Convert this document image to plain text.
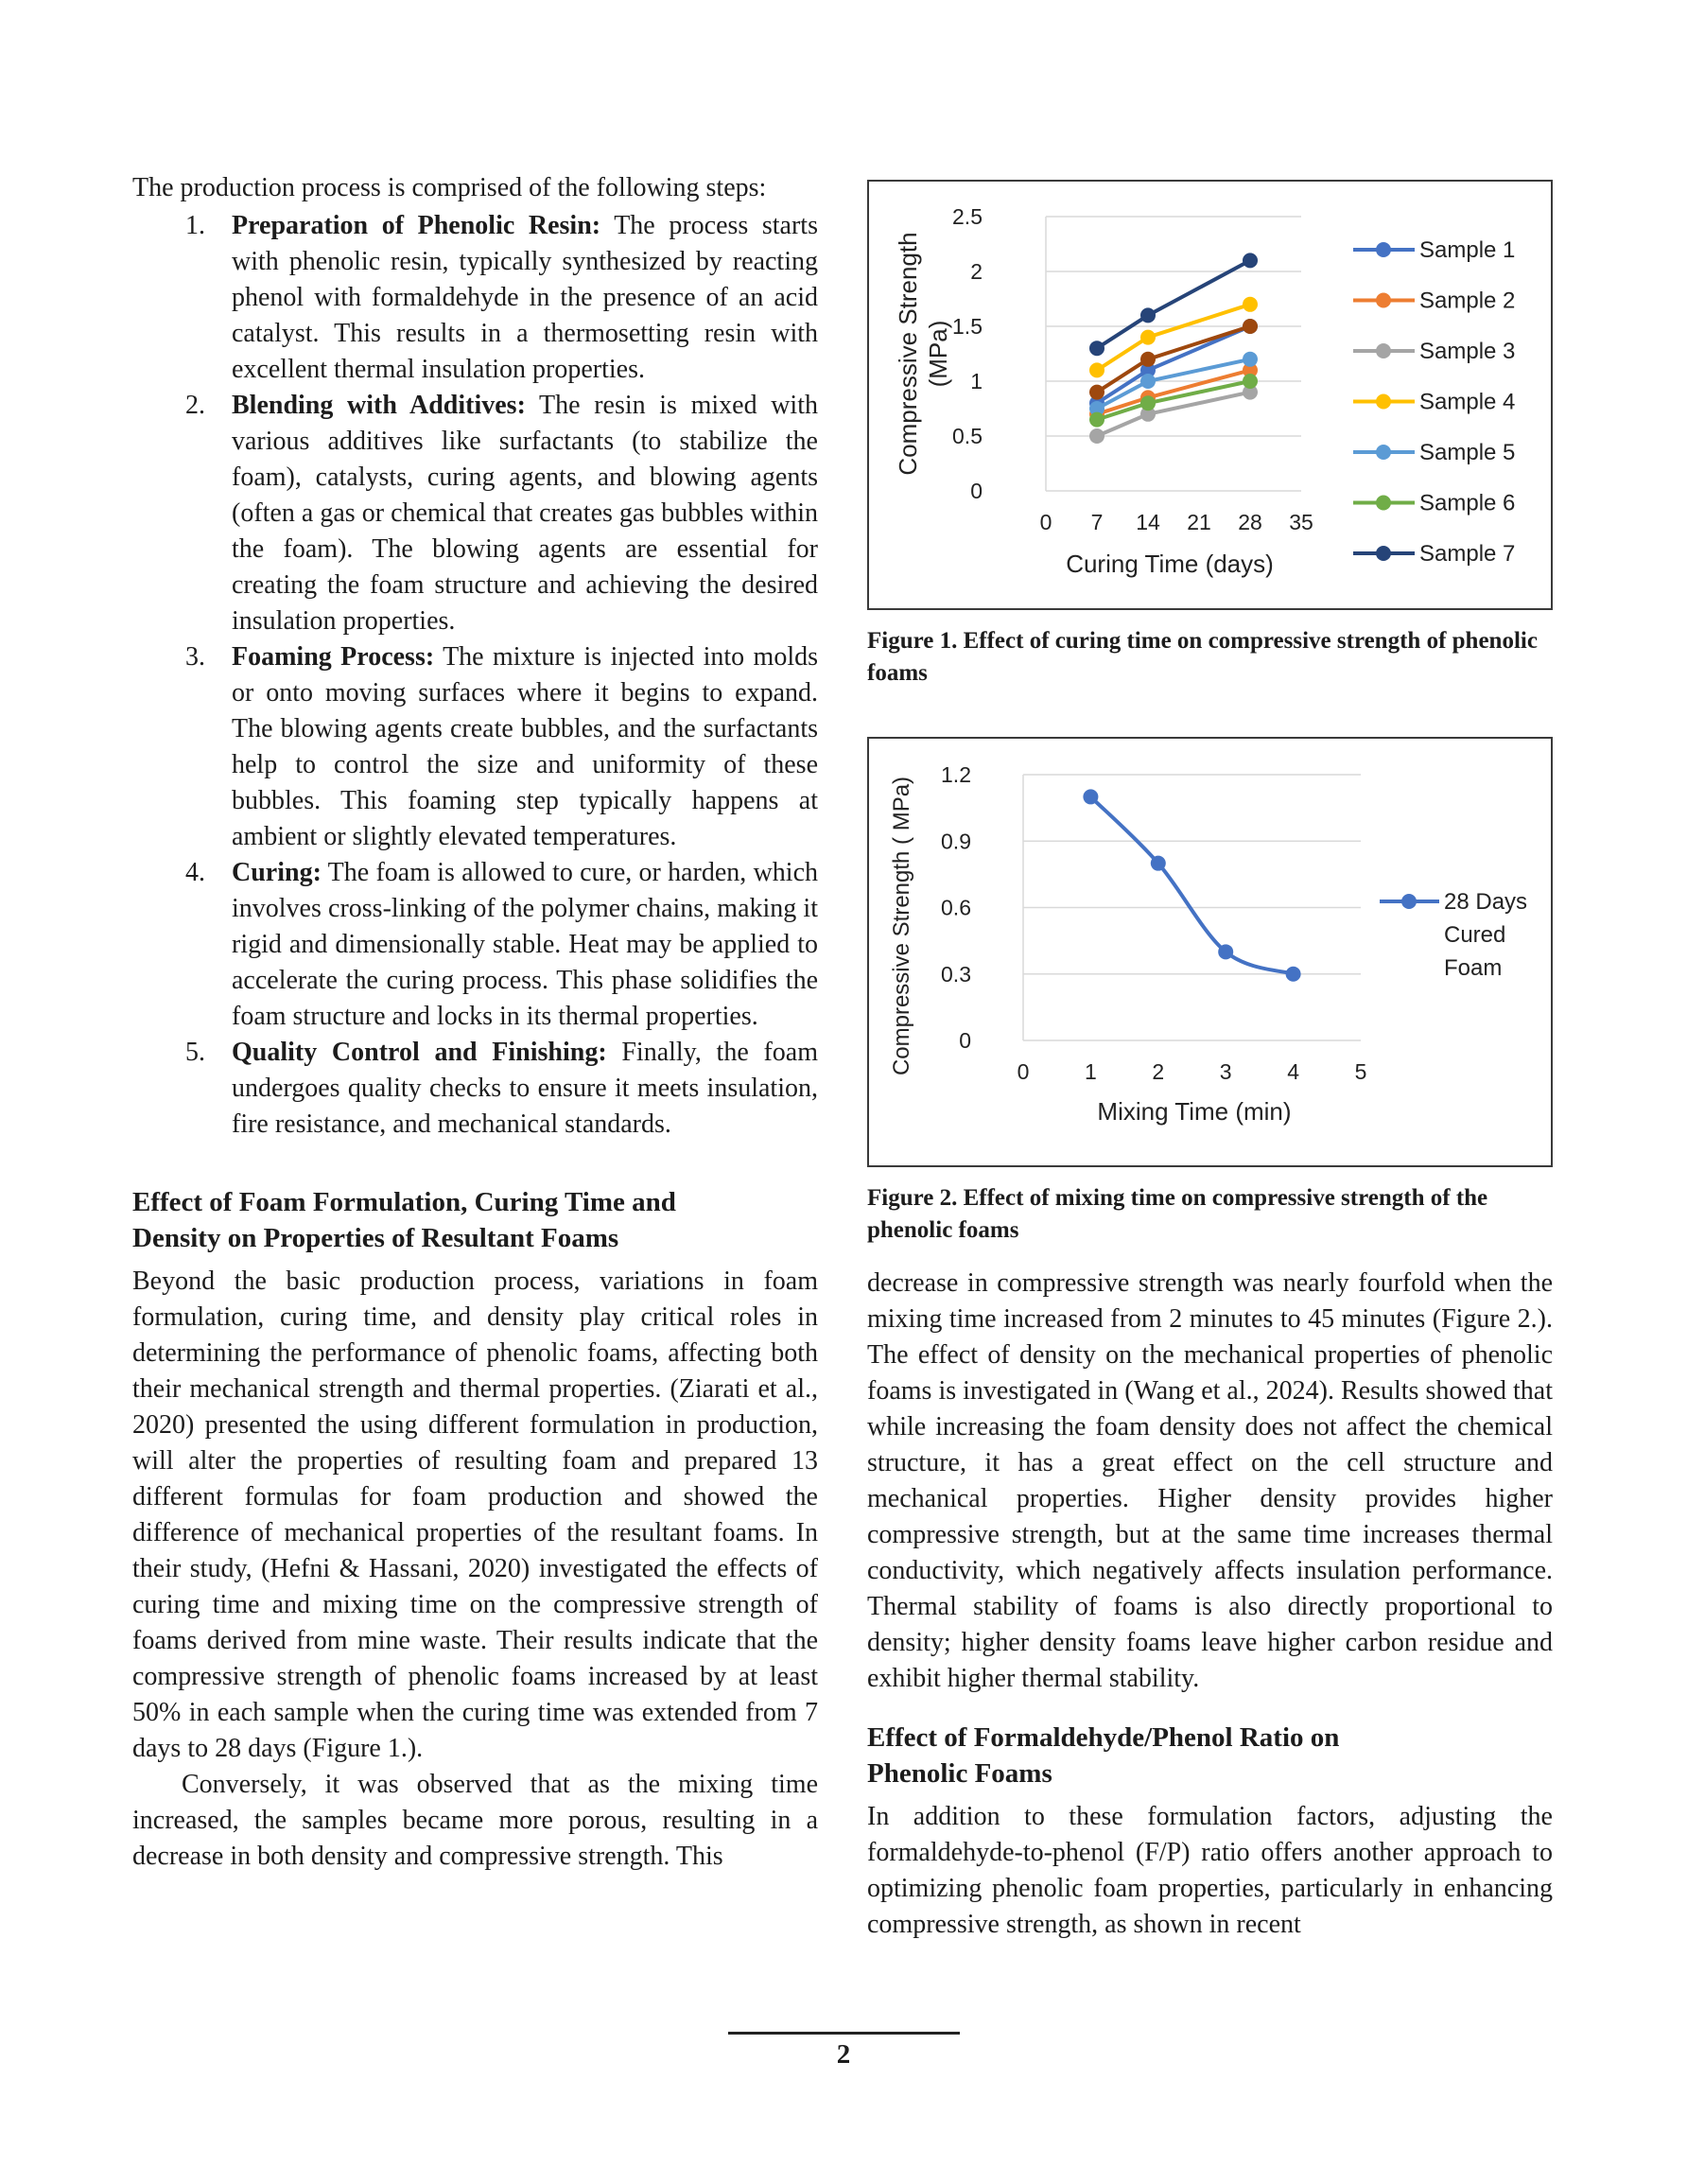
The production process is comprised of the following steps:

1. Preparation of Phenolic Resin: The process starts with phenolic resin, typically synthesized by reacting phenol with formaldehyde in the presence of an acid catalyst. This results in a thermosetting resin with excellent thermal insulation properties.

2. Blending with Additives: The resin is mixed with various additives like surfactants (to stabilize the foam), catalysts, curing agents, and blowing agents (often a gas or chemical that creates gas bubbles within the foam). The blowing agents are essential for creating the foam structure and achieving the desired insulation properties.

3. Foaming Process: The mixture is injected into molds or onto moving surfaces where it begins to expand. The blowing agents create bubbles, and the surfactants help to control the size and uniformity of these bubbles. This foaming step typically happens at ambient or slightly elevated temperatures.

4. Curing: The foam is allowed to cure, or harden, which involves cross-linking of the polymer chains, making it rigid and dimensionally stable. Heat may be applied to accelerate the curing process. This phase solidifies the foam structure and locks in its thermal properties.

5. Quality Control and Finishing: Finally, the foam undergoes quality checks to ensure it meets insulation, fire resistance, and mechanical standards.

Effect of Foam Formulation, Curing Time and
Density on Properties of Resultant Foams

Beyond the basic production process, variations in foam formulation, curing time, and density play critical roles in determining the performance of phenolic foams, affecting both their mechanical strength and thermal properties. (Ziarati et al., 2020) presented the using different formulation in production, will alter the properties of resulting foam and prepared 13 different formulas for foam production and showed the difference of mechanical properties of the resultant foams. In their study, (Hefni & Hassani, 2020) investigated the effects of curing time and mixing time on the compressive strength of foams derived from mine waste. Their results indicate that the compressive strength of phenolic foams increased by at least 50% in each sample when the curing time was extended from 7 days to 28 days (Figure 1.).

Conversely, it was observed that as the mixing time increased, the samples became more porous, resulting in a decrease in both density and compressive strength. This

0
0.5
1
1.5
2
2.5
0 7 14 21 28 35
Curing Time (days)
Compressive Strength(MPa)
Sample 1
Sample 2
Sample 3
Sample 4
Sample 5
Sample 6
Sample 7

Figure 1. Effect of curing time on compressive strength of phenolic foams

0
0.3
0.6
0.9
1.2
0	1	2	3	4	5
Mixing Time (min)
Compressive Strength ( MPa)	28 Days
Cured
Foam

Figure 2. Effect of mixing time on compressive strength of the phenolic foams

decrease in compressive strength was nearly fourfold when the mixing time increased from 2 minutes to 45 minutes (Figure 2.). The effect of density on the mechanical properties of phenolic foams is investigated in (Wang et al., 2024). Results showed that while increasing the foam density does not affect the chemical structure, it has a great effect on the cell structure and mechanical properties. Higher density provides higher compressive strength, but at the same time increases thermal conductivity, which negatively affects insulation performance. Thermal stability of foams is also directly proportional to density; higher density foams leave higher carbon residue and exhibit higher thermal stability.

Effect of Formaldehyde/Phenol Ratio on
Phenolic Foams

In addition to these formulation factors, adjusting the formaldehyde-to-phenol (F/P) ratio offers another approach to optimizing phenolic foam properties, particularly in enhancing compressive strength, as shown in recent

2
